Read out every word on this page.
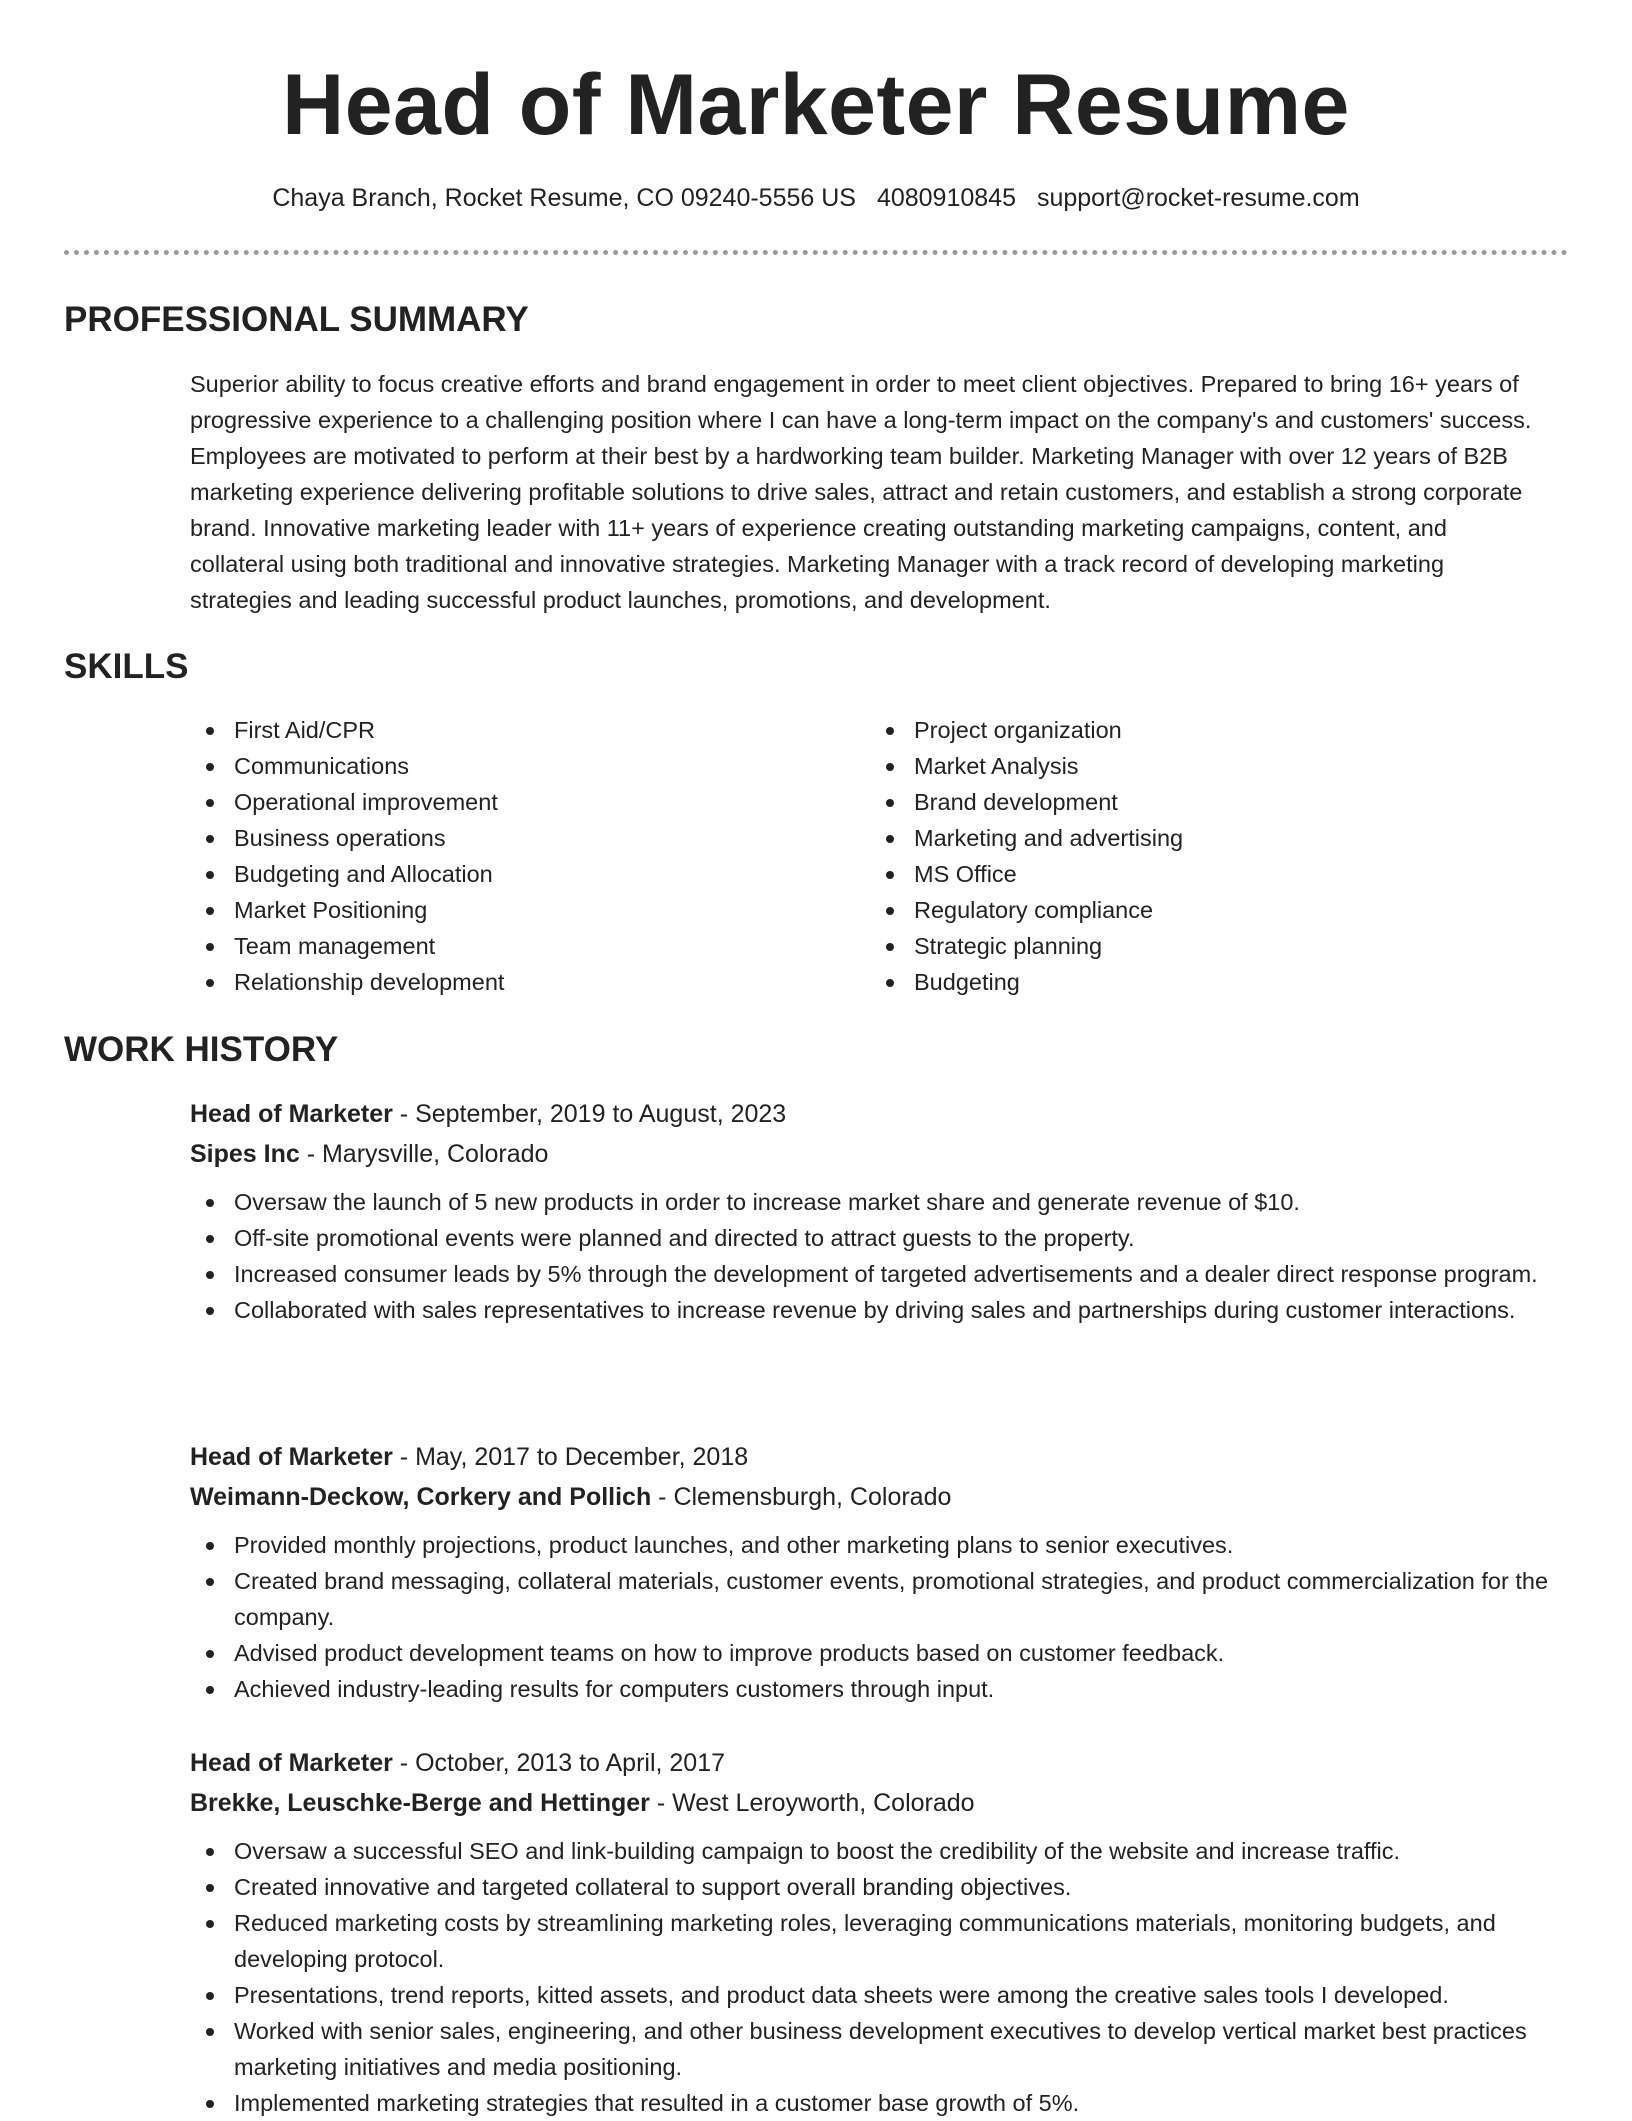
Head of Marketer Resume
Chaya Branch, Rocket Resume, CO 09240-5556 US 4080910845 support@rocket-resume.com
PROFESSIONAL SUMMARY
Superior ability to focus creative efforts and brand engagement in order to meet client objectives. Prepared to bring 16+ years of progressive experience to a challenging position where I can have a long-term impact on the company's and customers' success. Employees are motivated to perform at their best by a hardworking team builder. Marketing Manager with over 12 years of B2B marketing experience delivering profitable solutions to drive sales, attract and retain customers, and establish a strong corporate brand. Innovative marketing leader with 11+ years of experience creating outstanding marketing campaigns, content, and collateral using both traditional and innovative strategies. Marketing Manager with a track record of developing marketing strategies and leading successful product launches, promotions, and development.
SKILLS
First Aid/CPR
Communications
Operational improvement
Business operations
Budgeting and Allocation
Market Positioning
Team management
Relationship development
Project organization
Market Analysis
Brand development
Marketing and advertising
MS Office
Regulatory compliance
Strategic planning
Budgeting
WORK HISTORY
Head of Marketer - September, 2019 to August, 2023
Sipes Inc - Marysville, Colorado
Oversaw the launch of 5 new products in order to increase market share and generate revenue of $10.
Off-site promotional events were planned and directed to attract guests to the property.
Increased consumer leads by 5% through the development of targeted advertisements and a dealer direct response program.
Collaborated with sales representatives to increase revenue by driving sales and partnerships during customer interactions.
Head of Marketer - May, 2017 to December, 2018
Weimann-Deckow, Corkery and Pollich - Clemensburgh, Colorado
Provided monthly projections, product launches, and other marketing plans to senior executives.
Created brand messaging, collateral materials, customer events, promotional strategies, and product commercialization for the company.
Advised product development teams on how to improve products based on customer feedback.
Achieved industry-leading results for computers customers through input.
Head of Marketer - October, 2013 to April, 2017
Brekke, Leuschke-Berge and Hettinger - West Leroyworth, Colorado
Oversaw a successful SEO and link-building campaign to boost the credibility of the website and increase traffic.
Created innovative and targeted collateral to support overall branding objectives.
Reduced marketing costs by streamlining marketing roles, leveraging communications materials, monitoring budgets, and developing protocol.
Presentations, trend reports, kitted assets, and product data sheets were among the creative sales tools I developed.
Worked with senior sales, engineering, and other business development executives to develop vertical market best practices marketing initiatives and media positioning.
Implemented marketing strategies that resulted in a customer base growth of 5%.
